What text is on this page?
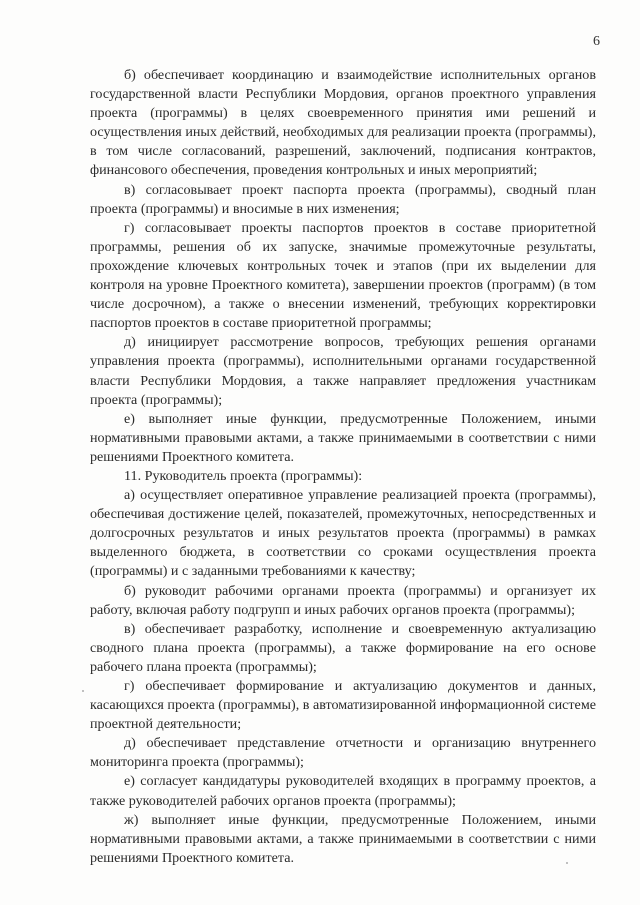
6

б) обеспечивает координацию и взаимодействие исполнительных органов государственной власти Республики Мордовия, органов проектного управления проекта (программы) в целях своевременного принятия ими решений и осуществления иных действий, необходимых для реализации проекта (программы), в том числе согласований, разрешений, заключений, подписания контрактов, финансового обеспечения, проведения контрольных и иных мероприятий;

в) согласовывает проект паспорта проекта (программы), сводный план проекта (программы) и вносимые в них изменения;

г) согласовывает проекты паспортов проектов в составе приоритетной программы, решения об их запуске, значимые промежуточные результаты, прохождение ключевых контрольных точек и этапов (при их выделении для контроля на уровне Проектного комитета), завершении проектов (программ) (в том числе досрочном), а также о внесении изменений, требующих корректировки паспортов проектов в составе приоритетной программы;

д) инициирует рассмотрение вопросов, требующих решения органами управления проекта (программы), исполнительными органами государственной власти Республики Мордовия, а также направляет предложения участникам проекта (программы);

е) выполняет иные функции, предусмотренные Положением, иными нормативными правовыми актами, а также принимаемыми в соответствии с ними решениями Проектного комитета.

11. Руководитель проекта (программы):

а) осуществляет оперативное управление реализацией проекта (программы), обеспечивая достижение целей, показателей, промежуточных, непосредственных и долгосрочных результатов и иных результатов проекта (программы) в рамках выделенного бюджета, в соответствии со сроками осуществления проекта (программы) и с заданными требованиями к качеству;

б) руководит рабочими органами проекта (программы) и организует их работу, включая работу подгрупп и иных рабочих органов проекта (программы);

в) обеспечивает разработку, исполнение и своевременную актуализацию сводного плана проекта (программы), а также формирование на его основе рабочего плана проекта (программы);

г) обеспечивает формирование и актуализацию документов и данных, касающихся проекта (программы), в автоматизированной информационной системе проектной деятельности;

д) обеспечивает представление отчетности и организацию внутреннего мониторинга проекта (программы);

е) согласует кандидатуры руководителей входящих в программу проектов, а также руководителей рабочих органов проекта (программы);

ж) выполняет иные функции, предусмотренные Положением, иными нормативными правовыми актами, а также принимаемыми в соответствии с ними решениями Проектного комитета.
